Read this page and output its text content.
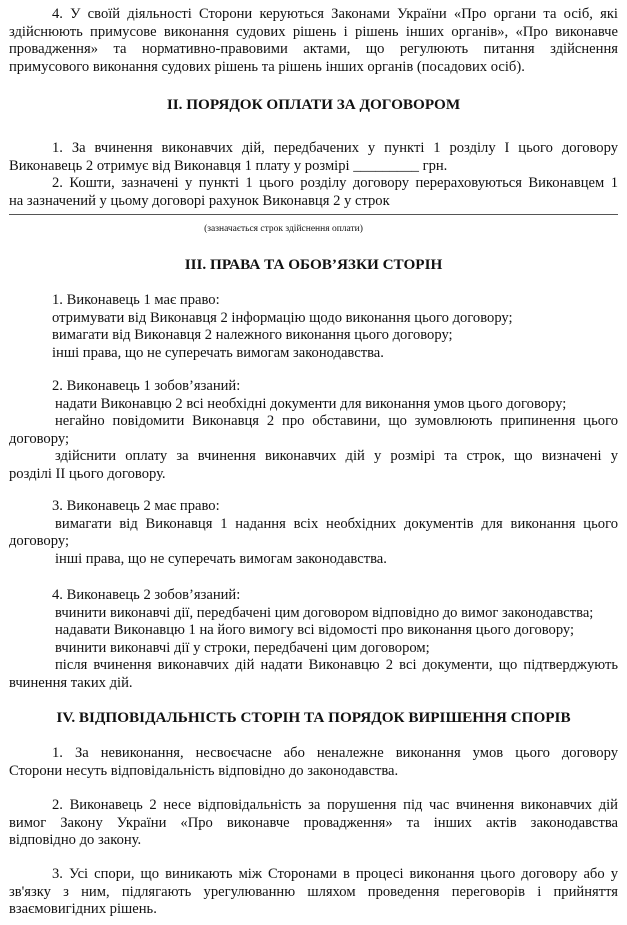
4. У своїй діяльності Сторони керуються Законами України «Про органи та осіб, які
здійснюють примусове виконання судових рішень і рішень інших органів», «Про виконавче
провадження» та нормативно-правовими актами, що регулюють питання здійснення
примусового виконання судових рішень та рішень інших органів (посадових осіб).
ІІ. ПОРЯДОК ОПЛАТИ ЗА ДОГОВОРОМ
1. За вчинення виконавчих дій, передбачених у пункті 1 розділу І цього договору
Виконавець 2 отримує від Виконавця 1 плату у розмірі _________ грн.
2. Кошти, зазначені у пункті 1 цього розділу договору перераховуються Виконавцем 1
на зазначений у цьому договорі рахунок Виконавця 2 у строк
(зазначається строк здійснення оплати)
ІІІ. ПРАВА ТА ОБОВ’ЯЗКИ СТОРІН
1. Виконавець 1 має право:
отримувати від Виконавця 2 інформацію щодо виконання цього договору;
вимагати від Виконавця 2 належного виконання цього договору;
інші права, що не суперечать вимогам законодавства.
2. Виконавець 1 зобов’язаний:
надати Виконавцю 2 всі необхідні документи для виконання умов цього договору;
негайно повідомити Виконавця 2 про обставини, що зумовлюють припинення цього
договору;
здійснити оплату за вчинення виконавчих дій у розмірі та строк, що визначені у
розділі ІІ цього договору.
3. Виконавець 2 має право:
вимагати від Виконавця 1 надання всіх необхідних документів для виконання цього
договору;
інші права, що не суперечать вимогам законодавства.
4. Виконавець 2 зобов’язаний:
вчинити виконавчі дії, передбачені цим договором відповідно до вимог законодавства;
надавати Виконавцю 1 на його вимогу всі відомості про виконання цього договору;
вчинити виконавчі дії у строки, передбачені цим договором;
після вчинення виконавчих дій надати Виконавцю 2 всі документи, що підтверджують
вчинення таких дій.
IV. ВІДПОВІДАЛЬНІСТЬ СТОРІН ТА ПОРЯДОК ВИРІШЕННЯ СПОРІВ
1. За невиконання, несвоєчасне або неналежне виконання умов цього договору
Сторони несуть відповідальність відповідно до законодавства.
2. Виконавець 2 несе відповідальність за порушення під час вчинення виконавчих дій
вимог Закону України «Про виконавче провадження» та інших актів законодавства
відповідно до закону.
3. Усі спори, що виникають між Сторонами в процесі виконання цього договору або у
зв'язку з ним, підлягають урегулюванню шляхом проведення переговорів і прийняття
взаємовигідних рішень.
